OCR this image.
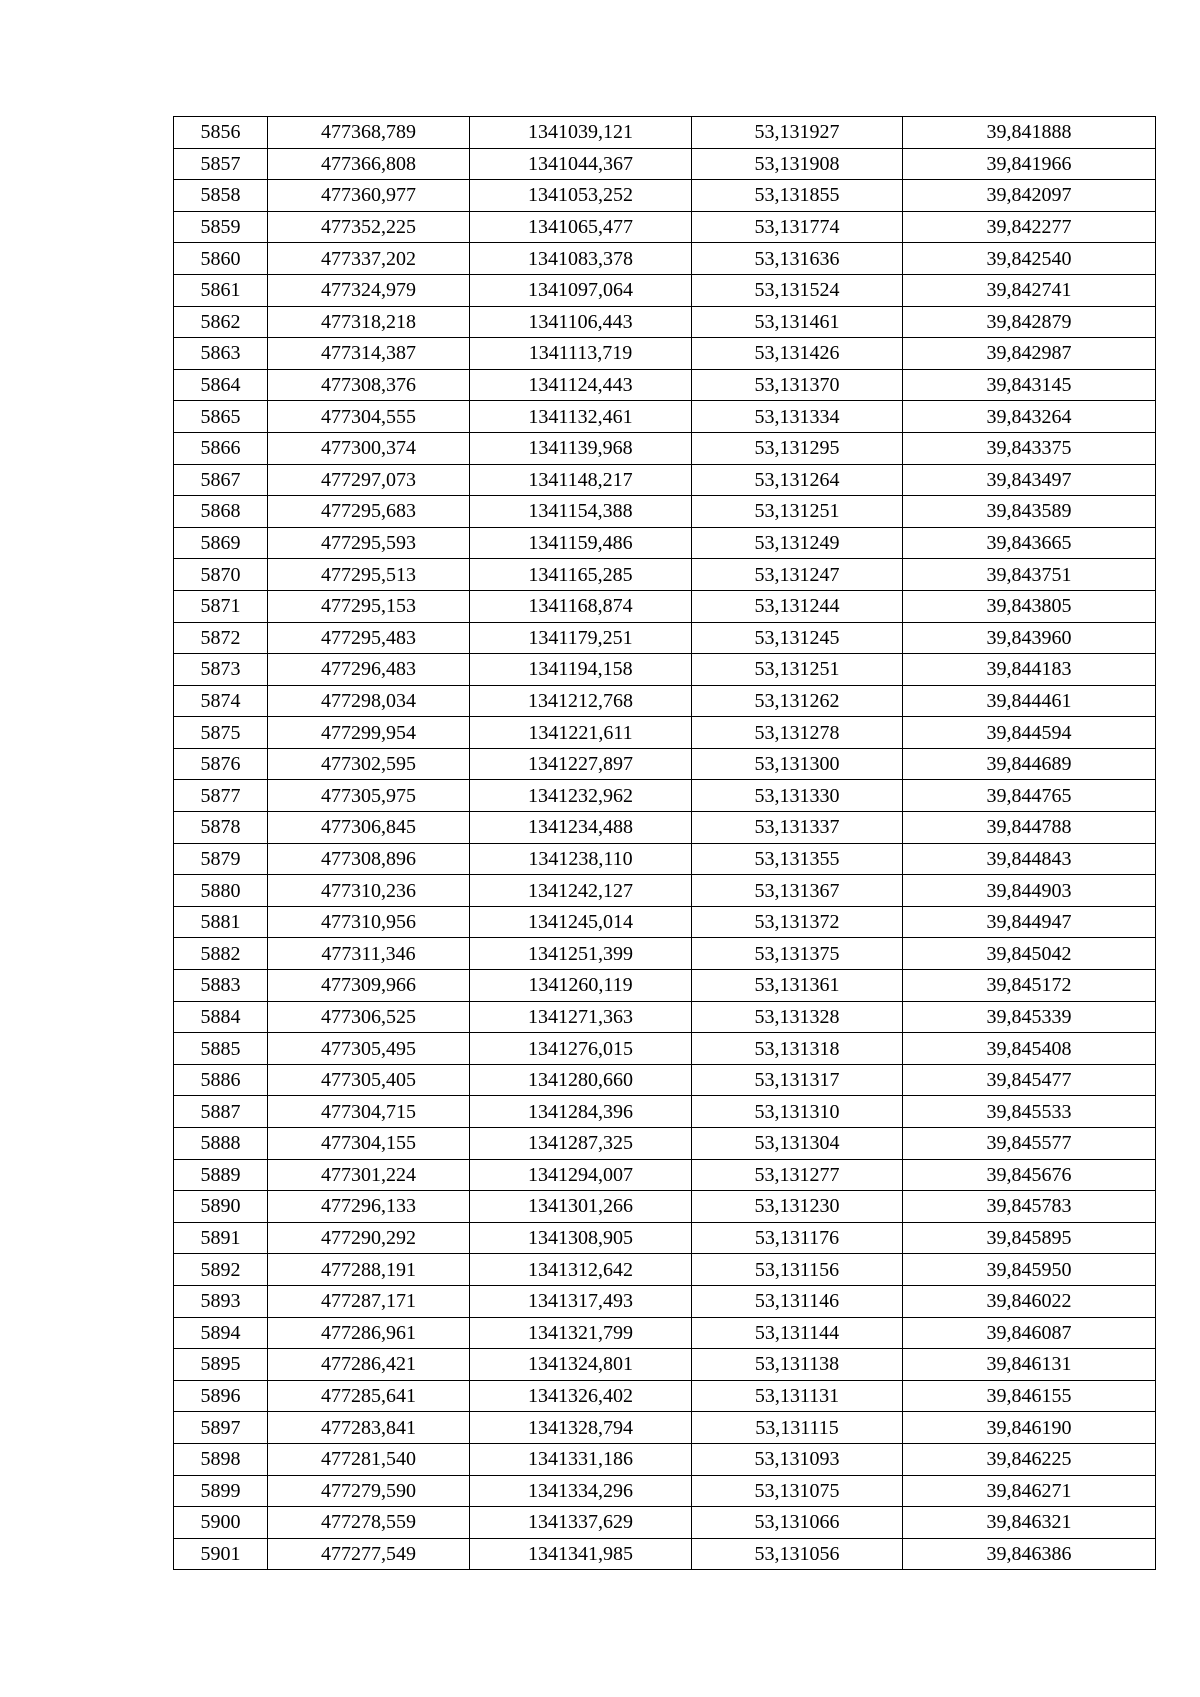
5856	477368,789	1341039,121	53,131927	39,841888
5857	477366,808	1341044,367	53,131908	39,841966
5858	477360,977	1341053,252	53,131855	39,842097
5859	477352,225	1341065,477	53,131774	39,842277
5860	477337,202	1341083,378	53,131636	39,842540
5861	477324,979	1341097,064	53,131524	39,842741
5862	477318,218	1341106,443	53,131461	39,842879
5863	477314,387	1341113,719	53,131426	39,842987
5864	477308,376	1341124,443	53,131370	39,843145
5865	477304,555	1341132,461	53,131334	39,843264
5866	477300,374	1341139,968	53,131295	39,843375
5867	477297,073	1341148,217	53,131264	39,843497
5868	477295,683	1341154,388	53,131251	39,843589
5869	477295,593	1341159,486	53,131249	39,843665
5870	477295,513	1341165,285	53,131247	39,843751
5871	477295,153	1341168,874	53,131244	39,843805
5872	477295,483	1341179,251	53,131245	39,843960
5873	477296,483	1341194,158	53,131251	39,844183
5874	477298,034	1341212,768	53,131262	39,844461
5875	477299,954	1341221,611	53,131278	39,844594
5876	477302,595	1341227,897	53,131300	39,844689
5877	477305,975	1341232,962	53,131330	39,844765
5878	477306,845	1341234,488	53,131337	39,844788
5879	477308,896	1341238,110	53,131355	39,844843
5880	477310,236	1341242,127	53,131367	39,844903
5881	477310,956	1341245,014	53,131372	39,844947
5882	477311,346	1341251,399	53,131375	39,845042
5883	477309,966	1341260,119	53,131361	39,845172
5884	477306,525	1341271,363	53,131328	39,845339
5885	477305,495	1341276,015	53,131318	39,845408
5886	477305,405	1341280,660	53,131317	39,845477
5887	477304,715	1341284,396	53,131310	39,845533
5888	477304,155	1341287,325	53,131304	39,845577
5889	477301,224	1341294,007	53,131277	39,845676
5890	477296,133	1341301,266	53,131230	39,845783
5891	477290,292	1341308,905	53,131176	39,845895
5892	477288,191	1341312,642	53,131156	39,845950
5893	477287,171	1341317,493	53,131146	39,846022
5894	477286,961	1341321,799	53,131144	39,846087
5895	477286,421	1341324,801	53,131138	39,846131
5896	477285,641	1341326,402	53,131131	39,846155
5897	477283,841	1341328,794	53,131115	39,846190
5898	477281,540	1341331,186	53,131093	39,846225
5899	477279,590	1341334,296	53,131075	39,846271
5900	477278,559	1341337,629	53,131066	39,846321
5901	477277,549	1341341,985	53,131056	39,846386
